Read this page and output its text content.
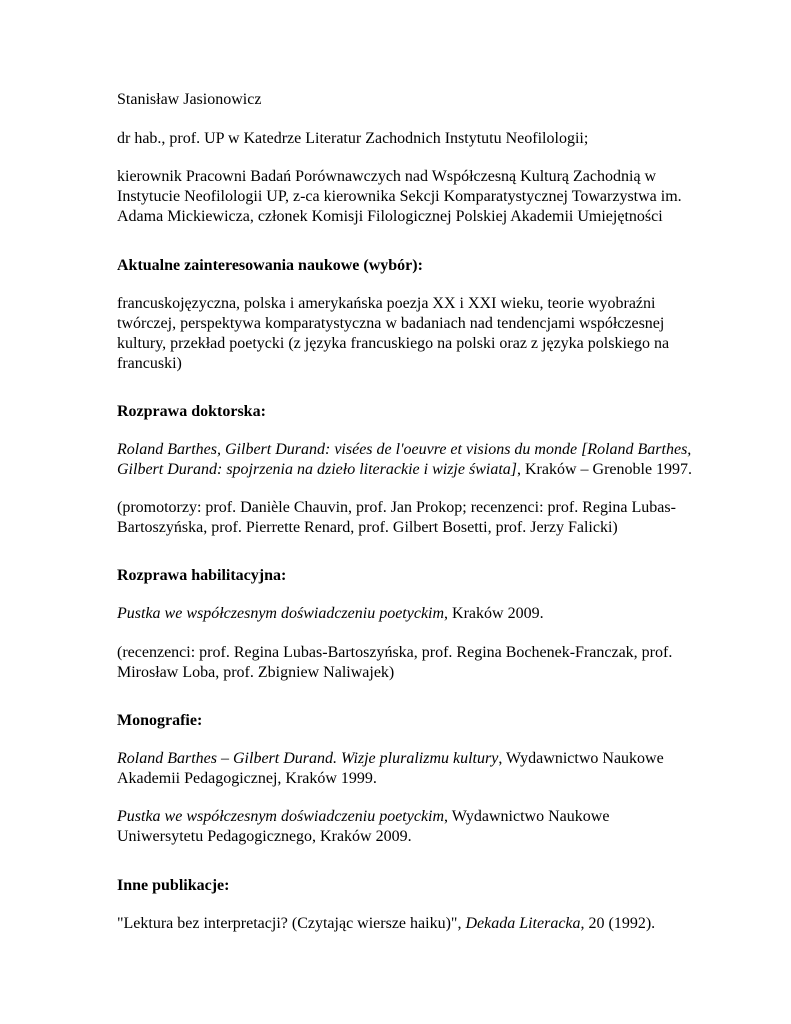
Stanisław Jasionowicz

dr hab., prof. UP w Katedrze Literatur Zachodnich Instytutu Neofilologii;

kierownik Pracowni Badań Porównawczych nad Współczesną Kulturą Zachodnią w

Instytucie Neofilologii UP, z-ca kierownika Sekcji Komparatystycznej Towarzystwa im.

Adama Mickiewicza, członek Komisji Filologicznej Polskiej Akademii Umiejętności

Aktualne zainteresowania naukowe (wybór):

francuskojęzyczna, polska i amerykańska poezja XX i XXI wieku, teorie wyobraźni

twórczej, perspektywa komparatystyczna w badaniach nad tendencjami współczesnej

kultury, przekład poetycki (z języka francuskiego na polski oraz z języka polskiego na

francuski)

Rozprawa doktorska:

Roland Barthes, Gilbert Durand: visées de l'oeuvre et visions du monde [Roland Barthes,

Gilbert Durand: spojrzenia na dzieło literackie i wizje świata], Kraków – Grenoble 1997.

(promotorzy: prof. Danièle Chauvin, prof. Jan Prokop; recenzenci: prof. Regina Lubas-

Bartoszyńska, prof. Pierrette Renard, prof. Gilbert Bosetti, prof. Jerzy Falicki)

Rozprawa habilitacyjna:

Pustka we współczesnym doświadczeniu poetyckim, Kraków 2009.

(recenzenci: prof. Regina Lubas-Bartoszyńska, prof. Regina Bochenek-Franczak, prof.

Mirosław Loba, prof. Zbigniew Naliwajek)

Monografie:

Roland Barthes – Gilbert Durand. Wizje pluralizmu kultury, Wydawnictwo Naukowe

Akademii Pedagogicznej, Kraków 1999.

Pustka we współczesnym doświadczeniu poetyckim, Wydawnictwo Naukowe

Uniwersytetu Pedagogicznego, Kraków 2009.

Inne publikacje:

"Lektura bez interpretacji? (Czytając wiersze haiku)", Dekada Literacka, 20 (1992).
